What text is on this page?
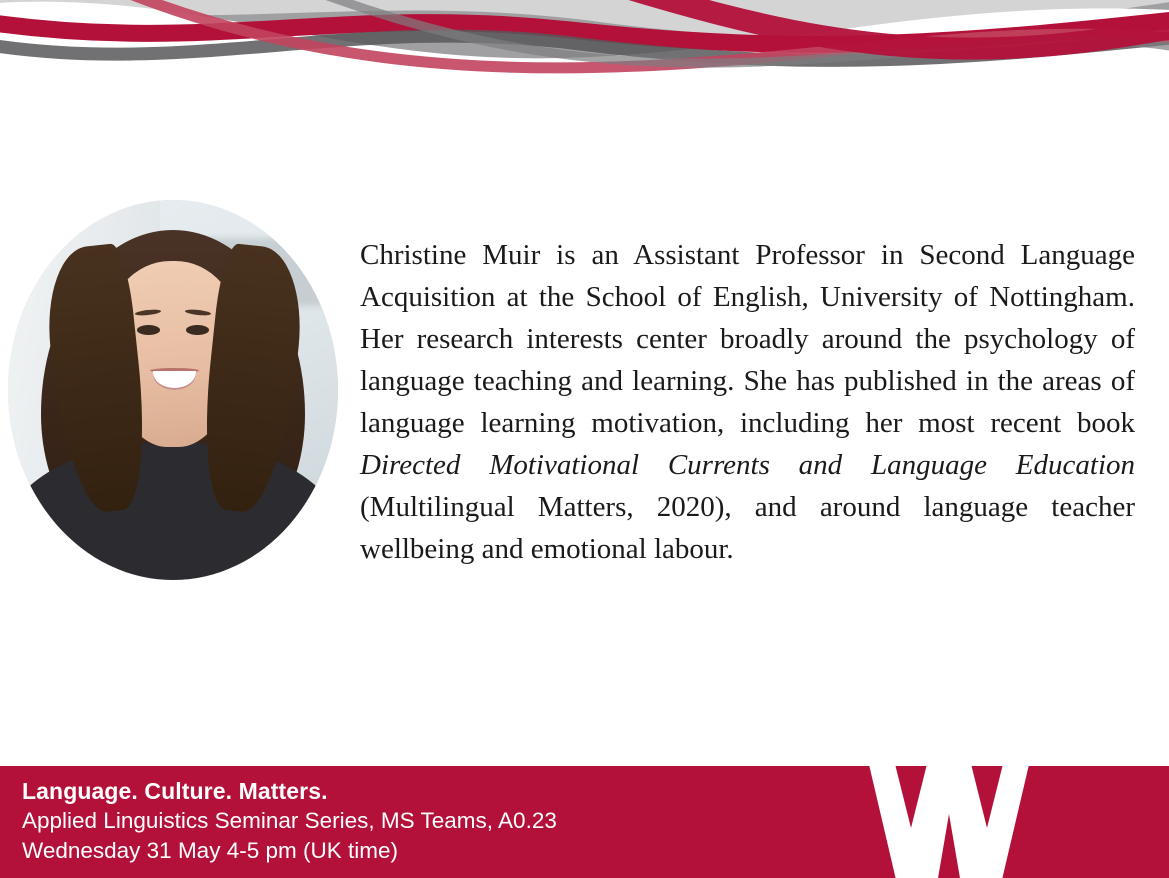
Christine Muir is an Assistant Professor in Second Language Acquisition at the School of English, University of Nottingham. Her research interests center broadly around the psychology of language teaching and learning. She has published in the areas of language learning motivation, including her most recent book Directed Motivational Currents and Language Education (Multilingual Matters, 2020), and around language teacher wellbeing and emotional labour.

Language. Culture. Matters.
Applied Linguistics Seminar Series, MS Teams, A0.23
Wednesday 31 May 4-5 pm (UK time)
